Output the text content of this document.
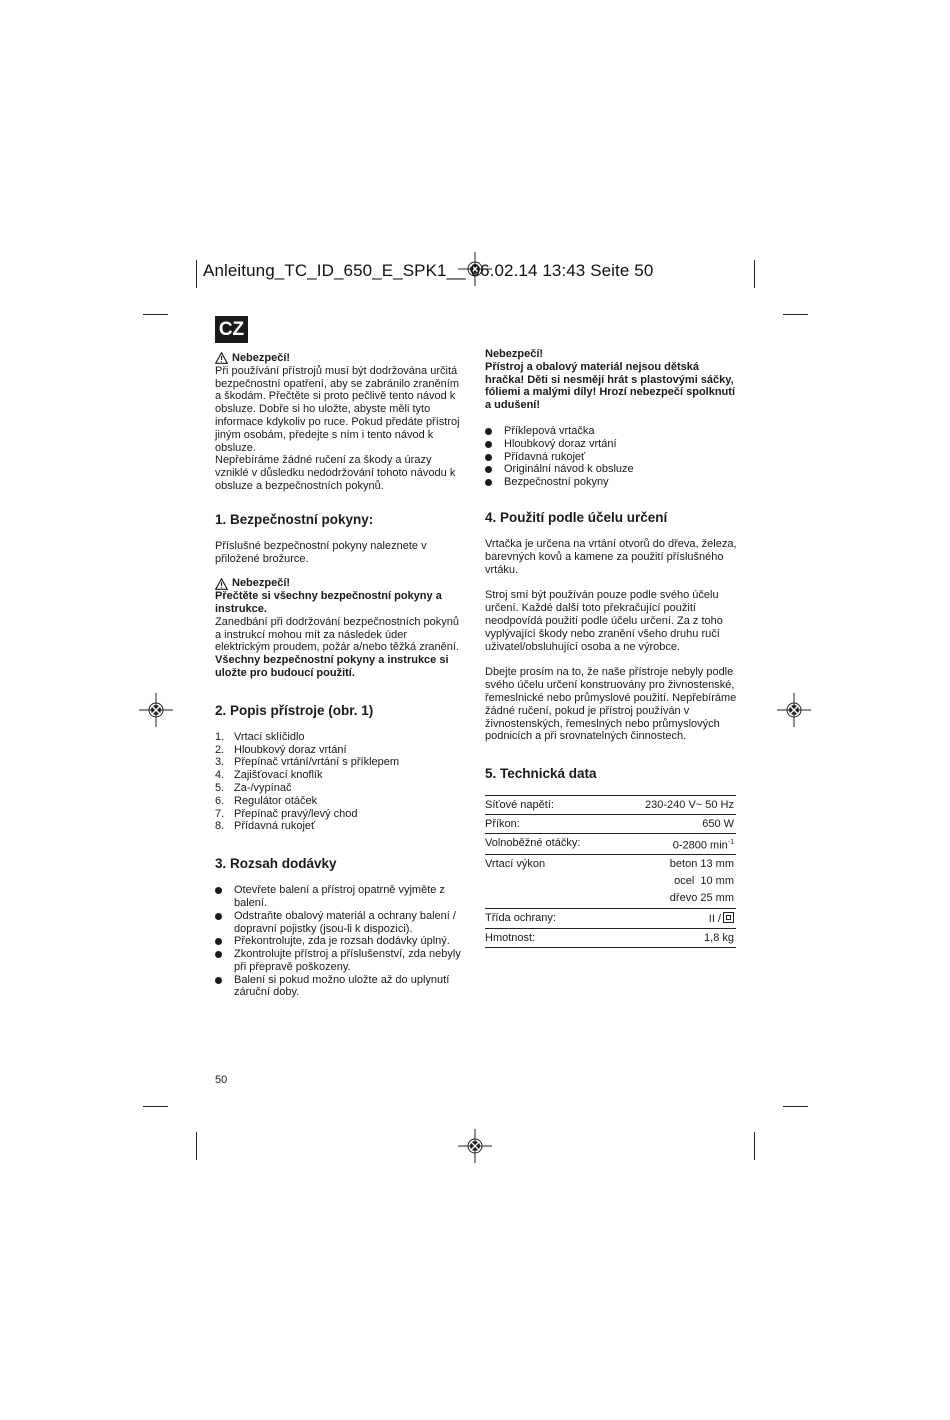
Anleitung_TC_ID_650_E_SPK1__ 06.02.14 13:43 Seite 50
CZ
Nebezpečí!

Při používání přístrojů musí být dodržována určitá bezpečnostní opatření, aby se zabránilo zraněním a škodám. Přečtěte si proto pečlivě tento návod k obsluze. Dobře si ho uložte, abyste měli tyto informace kdykoliv po ruce. Pokud předáte přístroj jiným osobám, předejte s ním i tento návod k obsluze.

Nepřebíráme žádné ručení za škody a úrazy vzniklé v důsledku nedodržování tohoto návodu k obsluze a bezpečnostních pokynů.

1. Bezpečnostní pokyny:

Příslušné bezpečnostní pokyny naleznete v přiložené brožurce.

Nebezpečí!

Přečtěte si všechny bezpečnostní pokyny a instrukce.

Zanedbání při dodržování bezpečnostních pokynů a instrukcí mohou mít za následek úder elektrickým proudem, požár a/nebo těžká zranění.

Všechny bezpečnostní pokyny a instrukce si uložte pro budoucí použití.

2. Popis přístroje (obr. 1)
1. Vrtací sklíčidlo
2. Hloubkový doraz vrtání
3. Přepínač vrtání/vrtání s příklepem
4. Zajišťovací knoflík
5. Za-/vypínač
6. Regulátor otáček
7. Přepínač pravý/levý chod
8. Přídavná rukojeť
3. Rozsah dodávky
Otevřete balení a přístroj opatrně vyjměte z balení.
Odstraňte obalový materiál a ochrany balení / dopravní pojistky (jsou-li k dispozici).
Překontrolujte, zda je rozsah dodávky úplný.
Zkontrolujte přístroj a příslušenství, zda nebyly při přepravě poškozeny.
Balení si pokud možno uložte až do uplynutí záruční doby.

Nebezpečí!

Přístroj a obalový materiál nejsou dětská hračka! Děti si nesmějí hrát s plastovými sáčky, fóliemi a malými díly! Hrozí nebezpečí spolknutí a udušení!

Příklepová vrtačka
Hloubkový doraz vrtání
Přídavná rukojeť
Originální návod k obsluze
Bezpečnostní pokyny
4. Použití podle účelu určení

Vrtačka je určena na vrtání otvorů do dřeva, železa, barevných kovů a kamene za použití příslušného vrtáku.

Stroj smí být používán pouze podle svého účelu určení. Každé další toto překračující použití neodpovídá použití podle účelu určení. Za z toho vyplývající škody nebo zranění všeho druhu ručí uživatel/obsluhující osoba a ne výrobce.

Dbejte prosím na to, že naše přístroje nebyly podle svého účelu určení konstruovány pro živnostenské, řemeslnické nebo průmyslové použití. Nepřebíráme žádné ručení, pokud je přístroj používán v živnostenských, řemeslných nebo průmyslových podnicích a při srovnatelných činnostech.

5. Technická data
Síťové napětí:	230-240 V~ 50 Hz
Příkon:	650 W
Volnoběžné otáčky:	0-2800 $\min^{-1}$
Vrtací výkon	beton 13 mm
ocel  10 mm
dřevo 25 mm

Třída ochrany:	II /
Hmotnost:	1,8 kg
50
